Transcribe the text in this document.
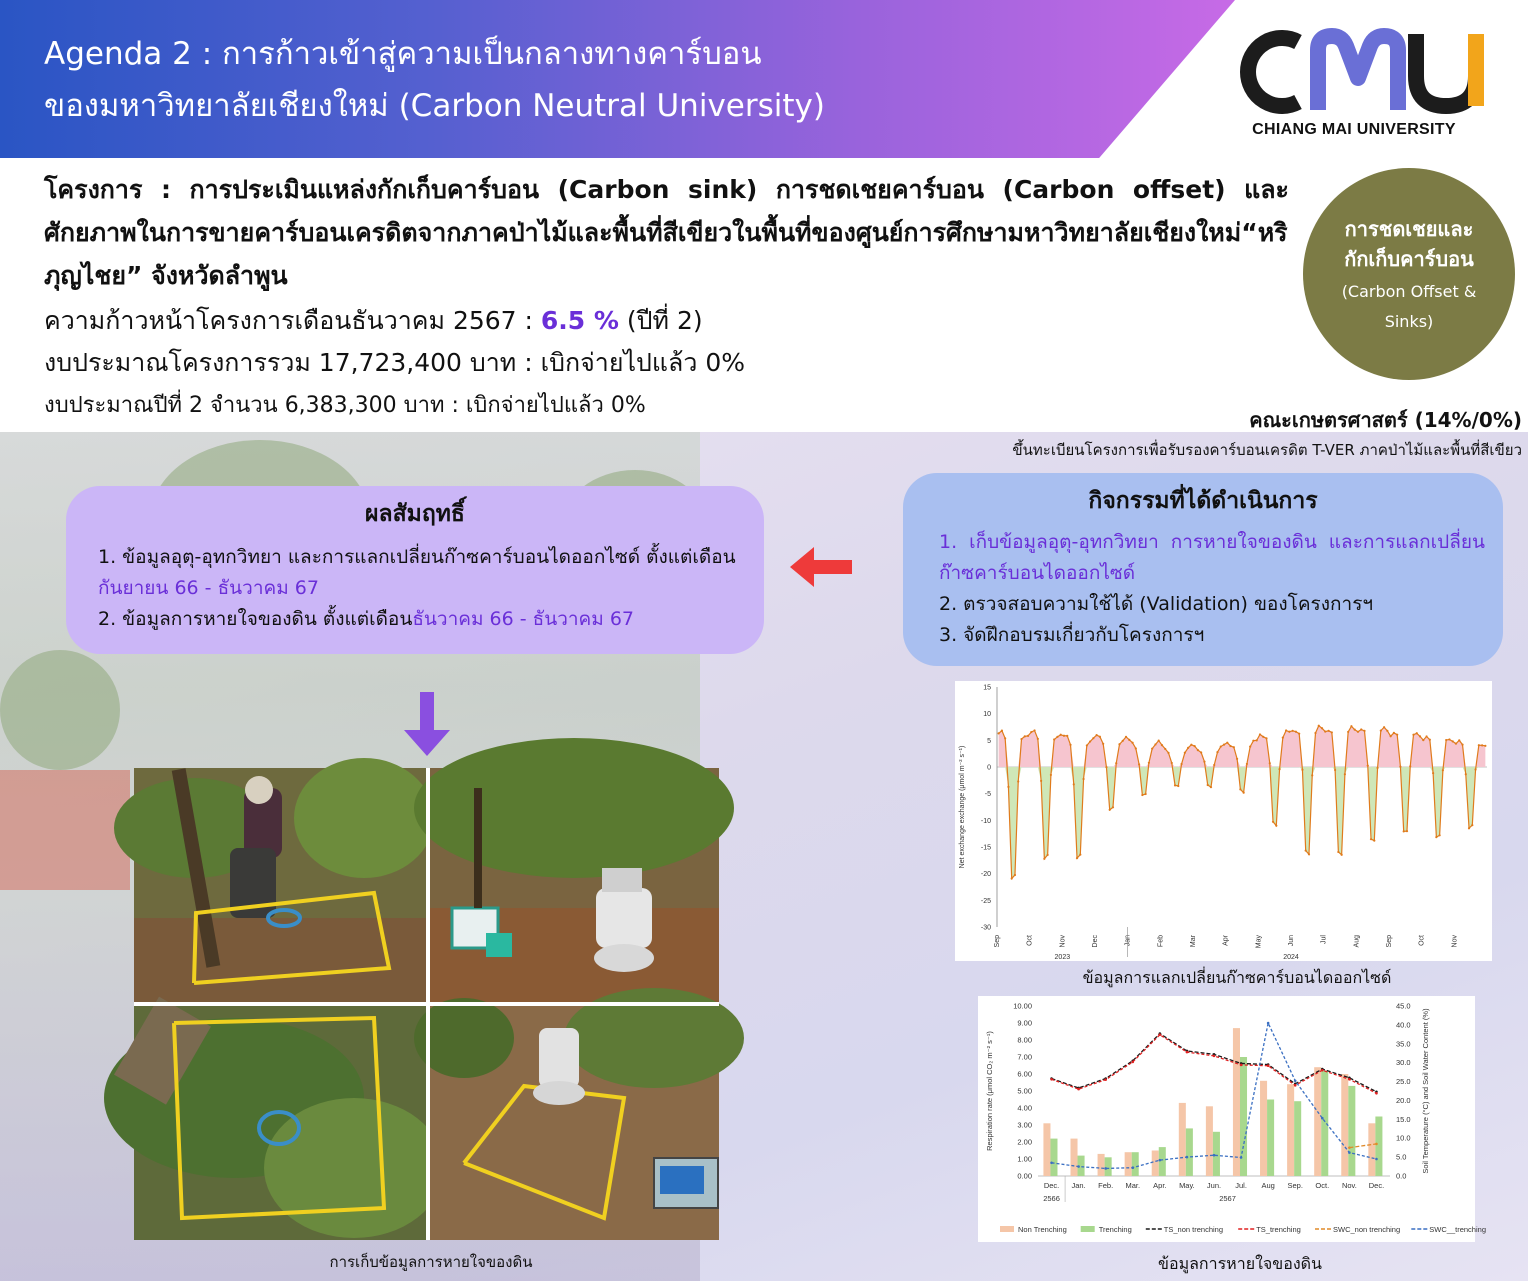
Agenda 2 : การก้าวเข้าสู่ความเป็นกลางทางคาร์บอน
ของมหาวิทยาลัยเชียงใหม่ (Carbon Neutral University)
CHIANG MAI UNIVERSITY
โครงการ : การประเมินแหล่งกักเก็บคาร์บอน (Carbon sink) การชดเชยคาร์บอน (Carbon offset) และศักยภาพในการขายคาร์บอนเครดิตจากภาคป่าไม้และพื้นที่สีเขียวในพื้นที่ของศูนย์การศึกษามหาวิทยาลัยเชียงใหม่“หริภุญไชย” จังหวัดลำพูน
ความก้าวหน้าโครงการเดือนธันวาคม 2567 : 6.5 % (ปีที่ 2)
งบประมาณโครงการรวม 17,723,400 บาท : เบิกจ่ายไปแล้ว 0%
งบประมาณปีที่ 2 จำนวน 6,383,300 บาท : เบิกจ่ายไปแล้ว 0%
การชดเชยและ
กักเก็บคาร์บอน
(Carbon Offset &
Sinks)
คณะเกษตรศาสตร์ (14%/0%)
ขึ้นทะเบียนโครงการเพื่อรับรองคาร์บอนเครดิต T-VER ภาคป่าไม้และพื้นที่สีเขียว
ผลสัมฤทธิ์
1. ข้อมูลอุตุ-อุทกวิทยา และการแลกเปลี่ยนก๊าซคาร์บอนไดออกไซด์ ตั้งแต่เดือนกันยายน 66 - ธันวาคม 67
2. ข้อมูลการหายใจของดิน ตั้งแต่เดือนธันวาคม 66 - ธันวาคม 67
กิจกรรมที่ได้ดำเนินการ
1. เก็บข้อมูลอุตุ-อุทกวิทยา การหายใจของดิน และการแลกเปลี่ยนก๊าซคาร์บอนไดออกไซด์
2. ตรวจสอบความใช้ได้ (Validation) ของโครงการฯ
3. จัดฝึกอบรมเกี่ยวกับโครงการฯ
การเก็บข้อมูลการหายใจของดิน
15
10
5
0
-5
-10
-15
-20
-25
-30
Net exchange exchange (μmol m⁻² s⁻¹)
Sep	Oct	Nov	Dec	Jan	Feb	Mar	Apr	May	Jun	Jul	Aug	Sep	Oct	Nov
2023	2024
ข้อมูลการแลกเปลี่ยนก๊าซคาร์บอนไดออกไซด์
10.00
9.00
8.00
7.00
6.00
5.00
4.00
3.00
2.00
1.00
0.00
45.0
40.0
35.0
30.0
25.0
20.0
15.0
10.0
5.0
0.0
Respiration rate (μmol CO₂ m⁻² s⁻¹)	Soil Temperature (°C) and Soil Water Content (%)
Dec. Jan. Feb. Mar. Apr. May. Jun. Jul. Aug Sep. Oct. Nov. Dec.
2566	2567
Non Trenching	Trenching	TS_non trenching	TS_trenching	SWC_non trenching	SWC__trenching
ข้อมูลการหายใจของดิน
